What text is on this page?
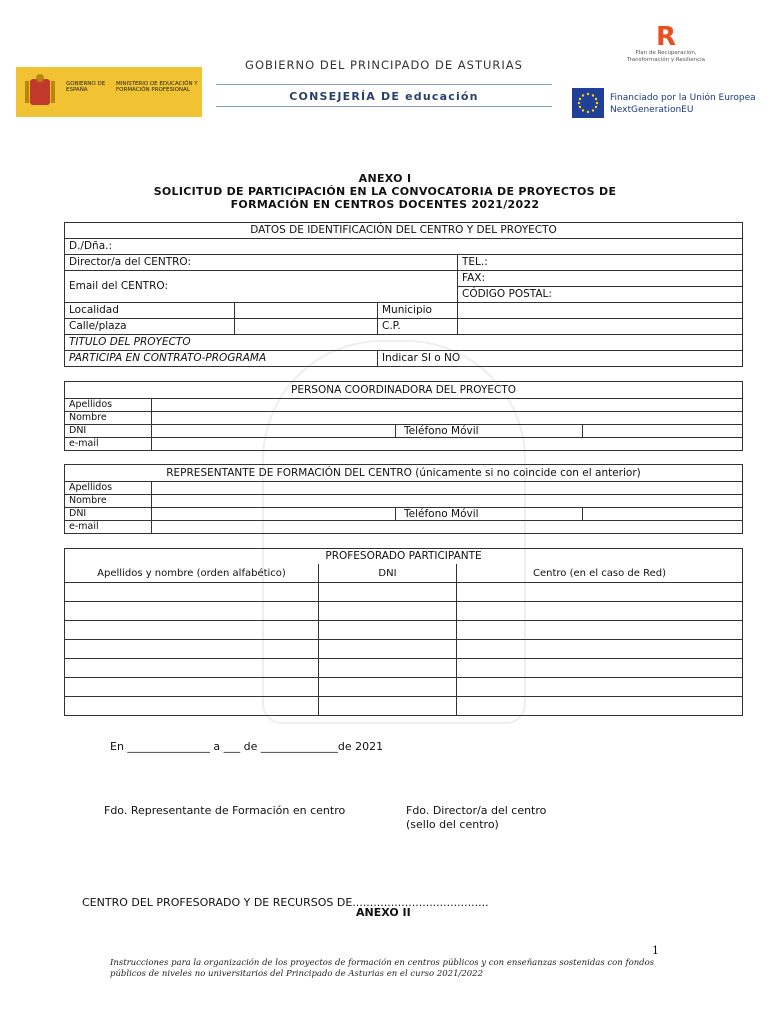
GOBIERNO DE ESPAÑA
MINISTERIO DE EDUCACIÓN Y FORMACIÓN PROFESIONAL
GOBIERNO DEL PRINCIPADO DE ASTURIAS
CONSEJERÍA DE educación
R
Plan de Recuperación,
Transformación y Resiliencia
Financiado por la Unión Europea
NextGenerationEU
ANEXO I
SOLICITUD DE PARTICIPACIÓN EN LA CONVOCATORIA DE PROYECTOS DE
FORMACIÓN EN CENTROS DOCENTES 2021/2022
DATOS DE IDENTIFICACIÓN DEL CENTRO Y DEL PROYECTO			
D./Dña.:			
Director/a del CENTRO:			TEL.:
Email del CENTRO:			FAX:
			CÓDIGO POSTAL:
Localidad		Municipio	
Calle/plaza		C.P.	
TITULO DEL PROYECTO			
PARTICIPA EN CONTRATO-PROGRAMA		Indicar SI o NO	
PERSONA COORDINADORA DEL PROYECTO			
Apellidos			
Nombre			
DNI		Teléfono Móvil	
e-mail			
REPRESENTANTE DE FORMACIÓN DEL CENTRO (únicamente si no coincide con el anterior)			
Apellidos			
Nombre			
DNI		Teléfono Móvil	
e-mail			
PROFESORADO PARTICIPANTE		
Apellidos y nombre (orden alfabético)	DNI	Centro (en el caso de Red)

En _______________ a ___ de ______________de 2021
Fdo. Representante de Formación en centro	Fdo. Director/a del centro
(sello del centro)
CENTRO DEL PROFESORADO Y DE RECURSOS DE.......................................
ANEXO II
1
Instrucciones para la organización de los proyectos de formación en centros públicos y con enseñanzas sostenidas con fondos
públicos de niveles no universitarios del Principado de Asturias en el curso 2021/2022
